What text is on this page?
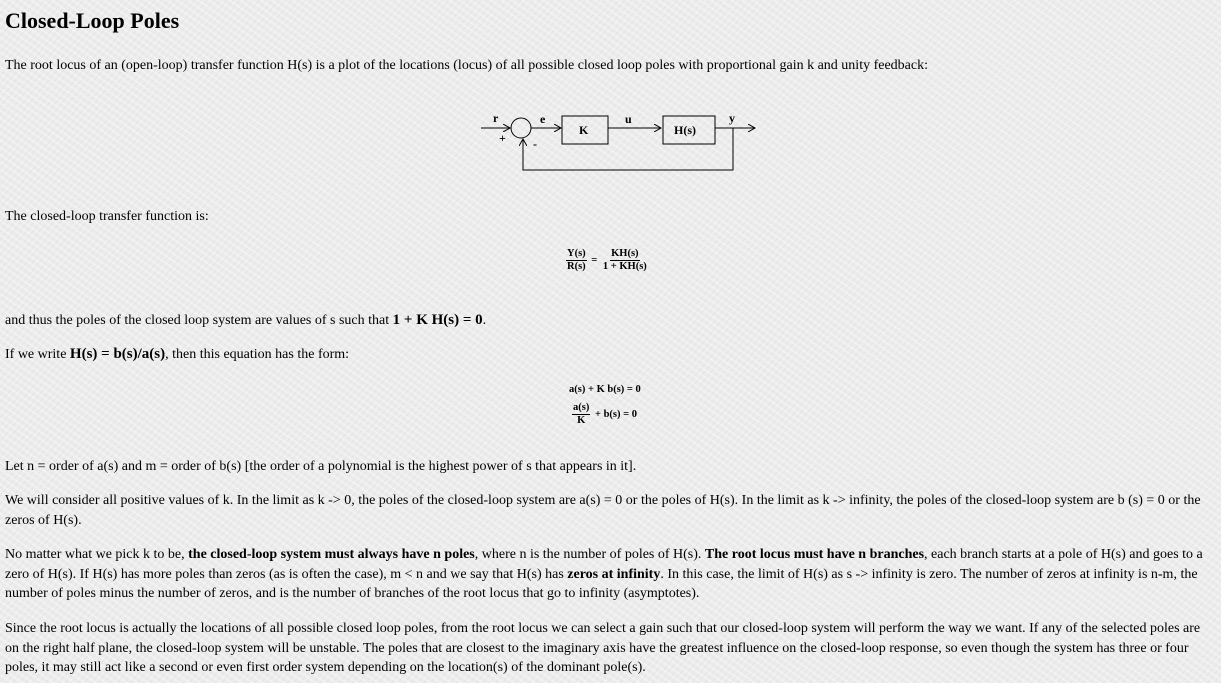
Closed-Loop Poles

The root locus of an (open-loop) transfer function H(s) is a plot of the locations (locus) of all possible closed loop poles with proportional gain k and unity feedback:

r
+ -
e
K
u
H(s)
y

The closed-loop transfer function is:

$\frac{Y(s)}{R(s)} = \frac{KH(s)}{1 + KH(s)}$

and thus the poles of the closed loop system are values of s such that 1 + K H(s) = 0.

If we write H(s) = b(s)/a(s), then this equation has the form:

a(s) + K b(s) = 0
$\frac{a(s)}{K} + b(s) = 0$

Let n = order of a(s) and m = order of b(s) [the order of a polynomial is the highest power of s that appears in it].

We will consider all positive values of k. In the limit as k -> 0, the poles of the closed-loop system are a(s) = 0 or the poles of H(s). In the limit as k -> infinity, the poles of the closed-loop system are b (s) = 0 or the zeros of H(s).

No matter what we pick k to be, the closed-loop system must always have n poles, where n is the number of poles of H(s). The root locus must have n branches, each branch starts at a pole of H(s) and goes to a zero of H(s). If H(s) has more poles than zeros (as is often the case), m < n and we say that H(s) has zeros at infinity. In this case, the limit of H(s) as s -> infinity is zero. The number of zeros at infinity is n-m, the number of poles minus the number of zeros, and is the number of branches of the root locus that go to infinity (asymptotes).

Since the root locus is actually the locations of all possible closed loop poles, from the root locus we can select a gain such that our closed-loop system will perform the way we want. If any of the selected poles are on the right half plane, the closed-loop system will be unstable. The poles that are closest to the imaginary axis have the greatest influence on the closed-loop response, so even though the system has three or four poles, it may still act like a second or even first order system depending on the location(s) of the dominant pole(s).
